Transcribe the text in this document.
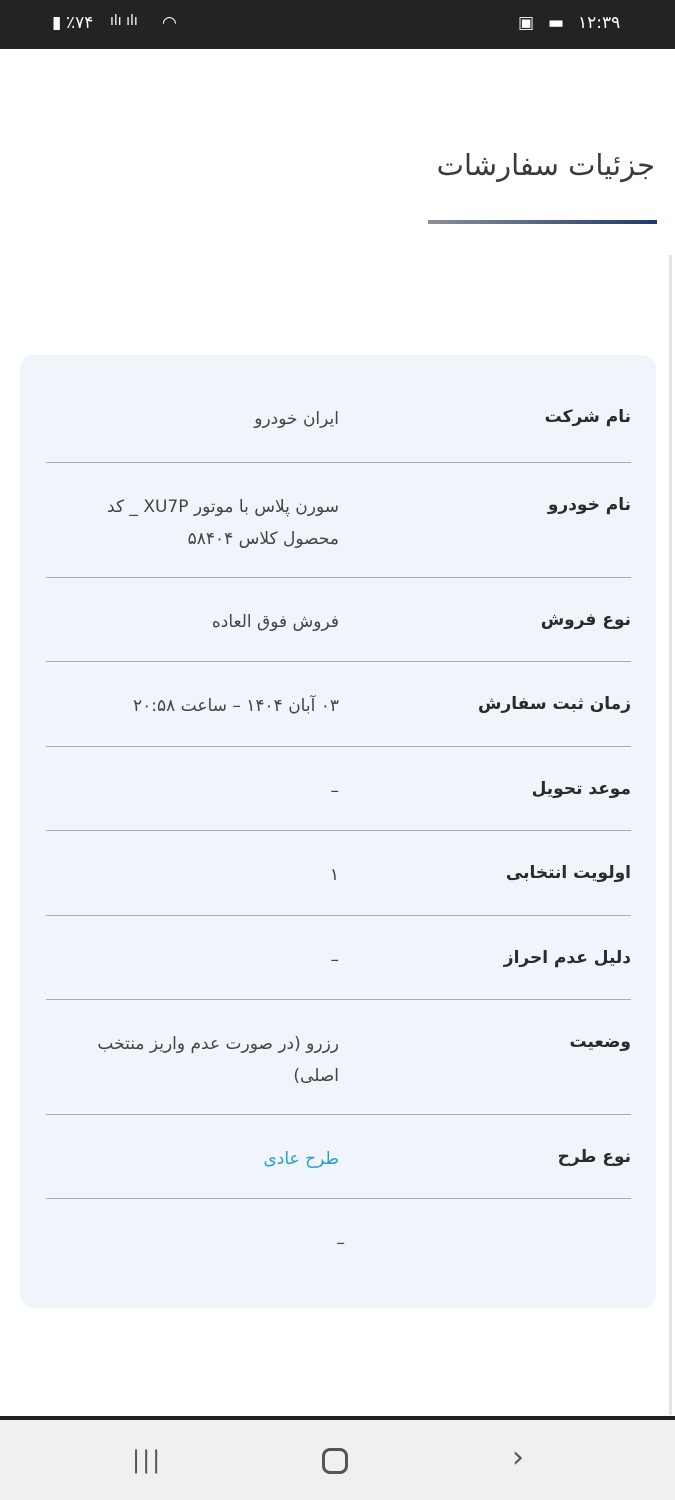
▮ ٪۷۴ ılı ılı ◠	▣ ▬ ۱۲:۳۹
جزئیات سفارشات
نام شرکت
ایران خودرو
نام خودرو
سورن پلاس با موتور XU7P _ کد محصول کلاس ۵۸۴۰۴
نوع فروش
فروش فوق العاده
زمان ثبت سفارش
۰۳ آبان ۱۴۰۴ – ساعت ۲۰:۵۸
موعد تحویل
–
اولویت انتخابی
۱
دلیل عدم احراز
–
وضعیت
رزرو (در صورت عدم واریز منتخب اصلی)
نوع طرح
طرح عادی
–
|||	›
